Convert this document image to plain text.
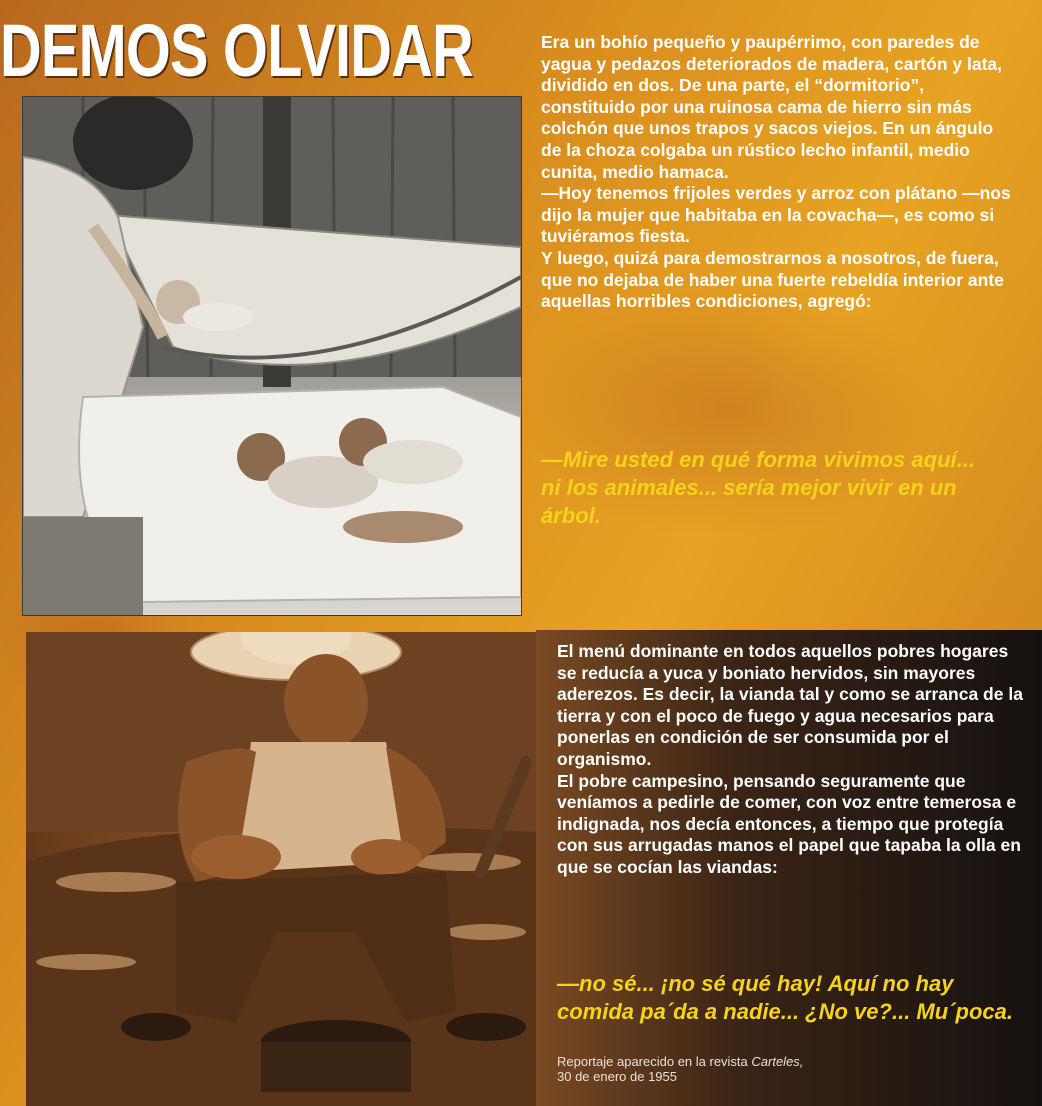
DEMOS OLVIDAR	Era un bohío pequeño y paupérrimo, con paredes de yagua y pedazos deteriorados de madera, cartón y lata, dividido en dos. De una parte, el “dormitorio”, constituido por una ruinosa cama de hierro sin más colchón que unos trapos y sacos viejos. En un ángulo de la choza colgaba un rústico lecho infantil, medio cunita, medio hamaca.

—Hoy tenemos frijoles verdes y arroz con plátano —nos dijo la mujer que habitaba en la covacha—, es como si tuviéramos fiesta.

Y luego, quizá para demostrarnos a nosotros, de fuera, que no dejaba de haber una fuerte rebeldía interior ante aquellas horribles condiciones, agregó:

—Mire usted en qué forma vivimos aquí... ni los animales... sería mejor vivir en un árbol.

El menú dominante en todos aquellos pobres hogares se reducía a yuca y boniato hervidos, sin mayores aderezos. Es decir, la vianda tal y como se arranca de la tierra y con el poco de fuego y agua necesarios para ponerlas en condición de ser consumida por el organismo.

El pobre campesino, pensando seguramente que veníamos a pedirle de comer, con voz entre temerosa e indignada, nos decía entonces, a tiempo que protegía con sus arrugadas manos el papel que tapaba la olla en que se cocían las viandas:

—no sé... ¡no sé qué hay! Aquí no hay comida pa´da a nadie... ¿No ve?... Mu´poca.
Reportaje aparecido en la revista Carteles,
30 de enero de 1955
